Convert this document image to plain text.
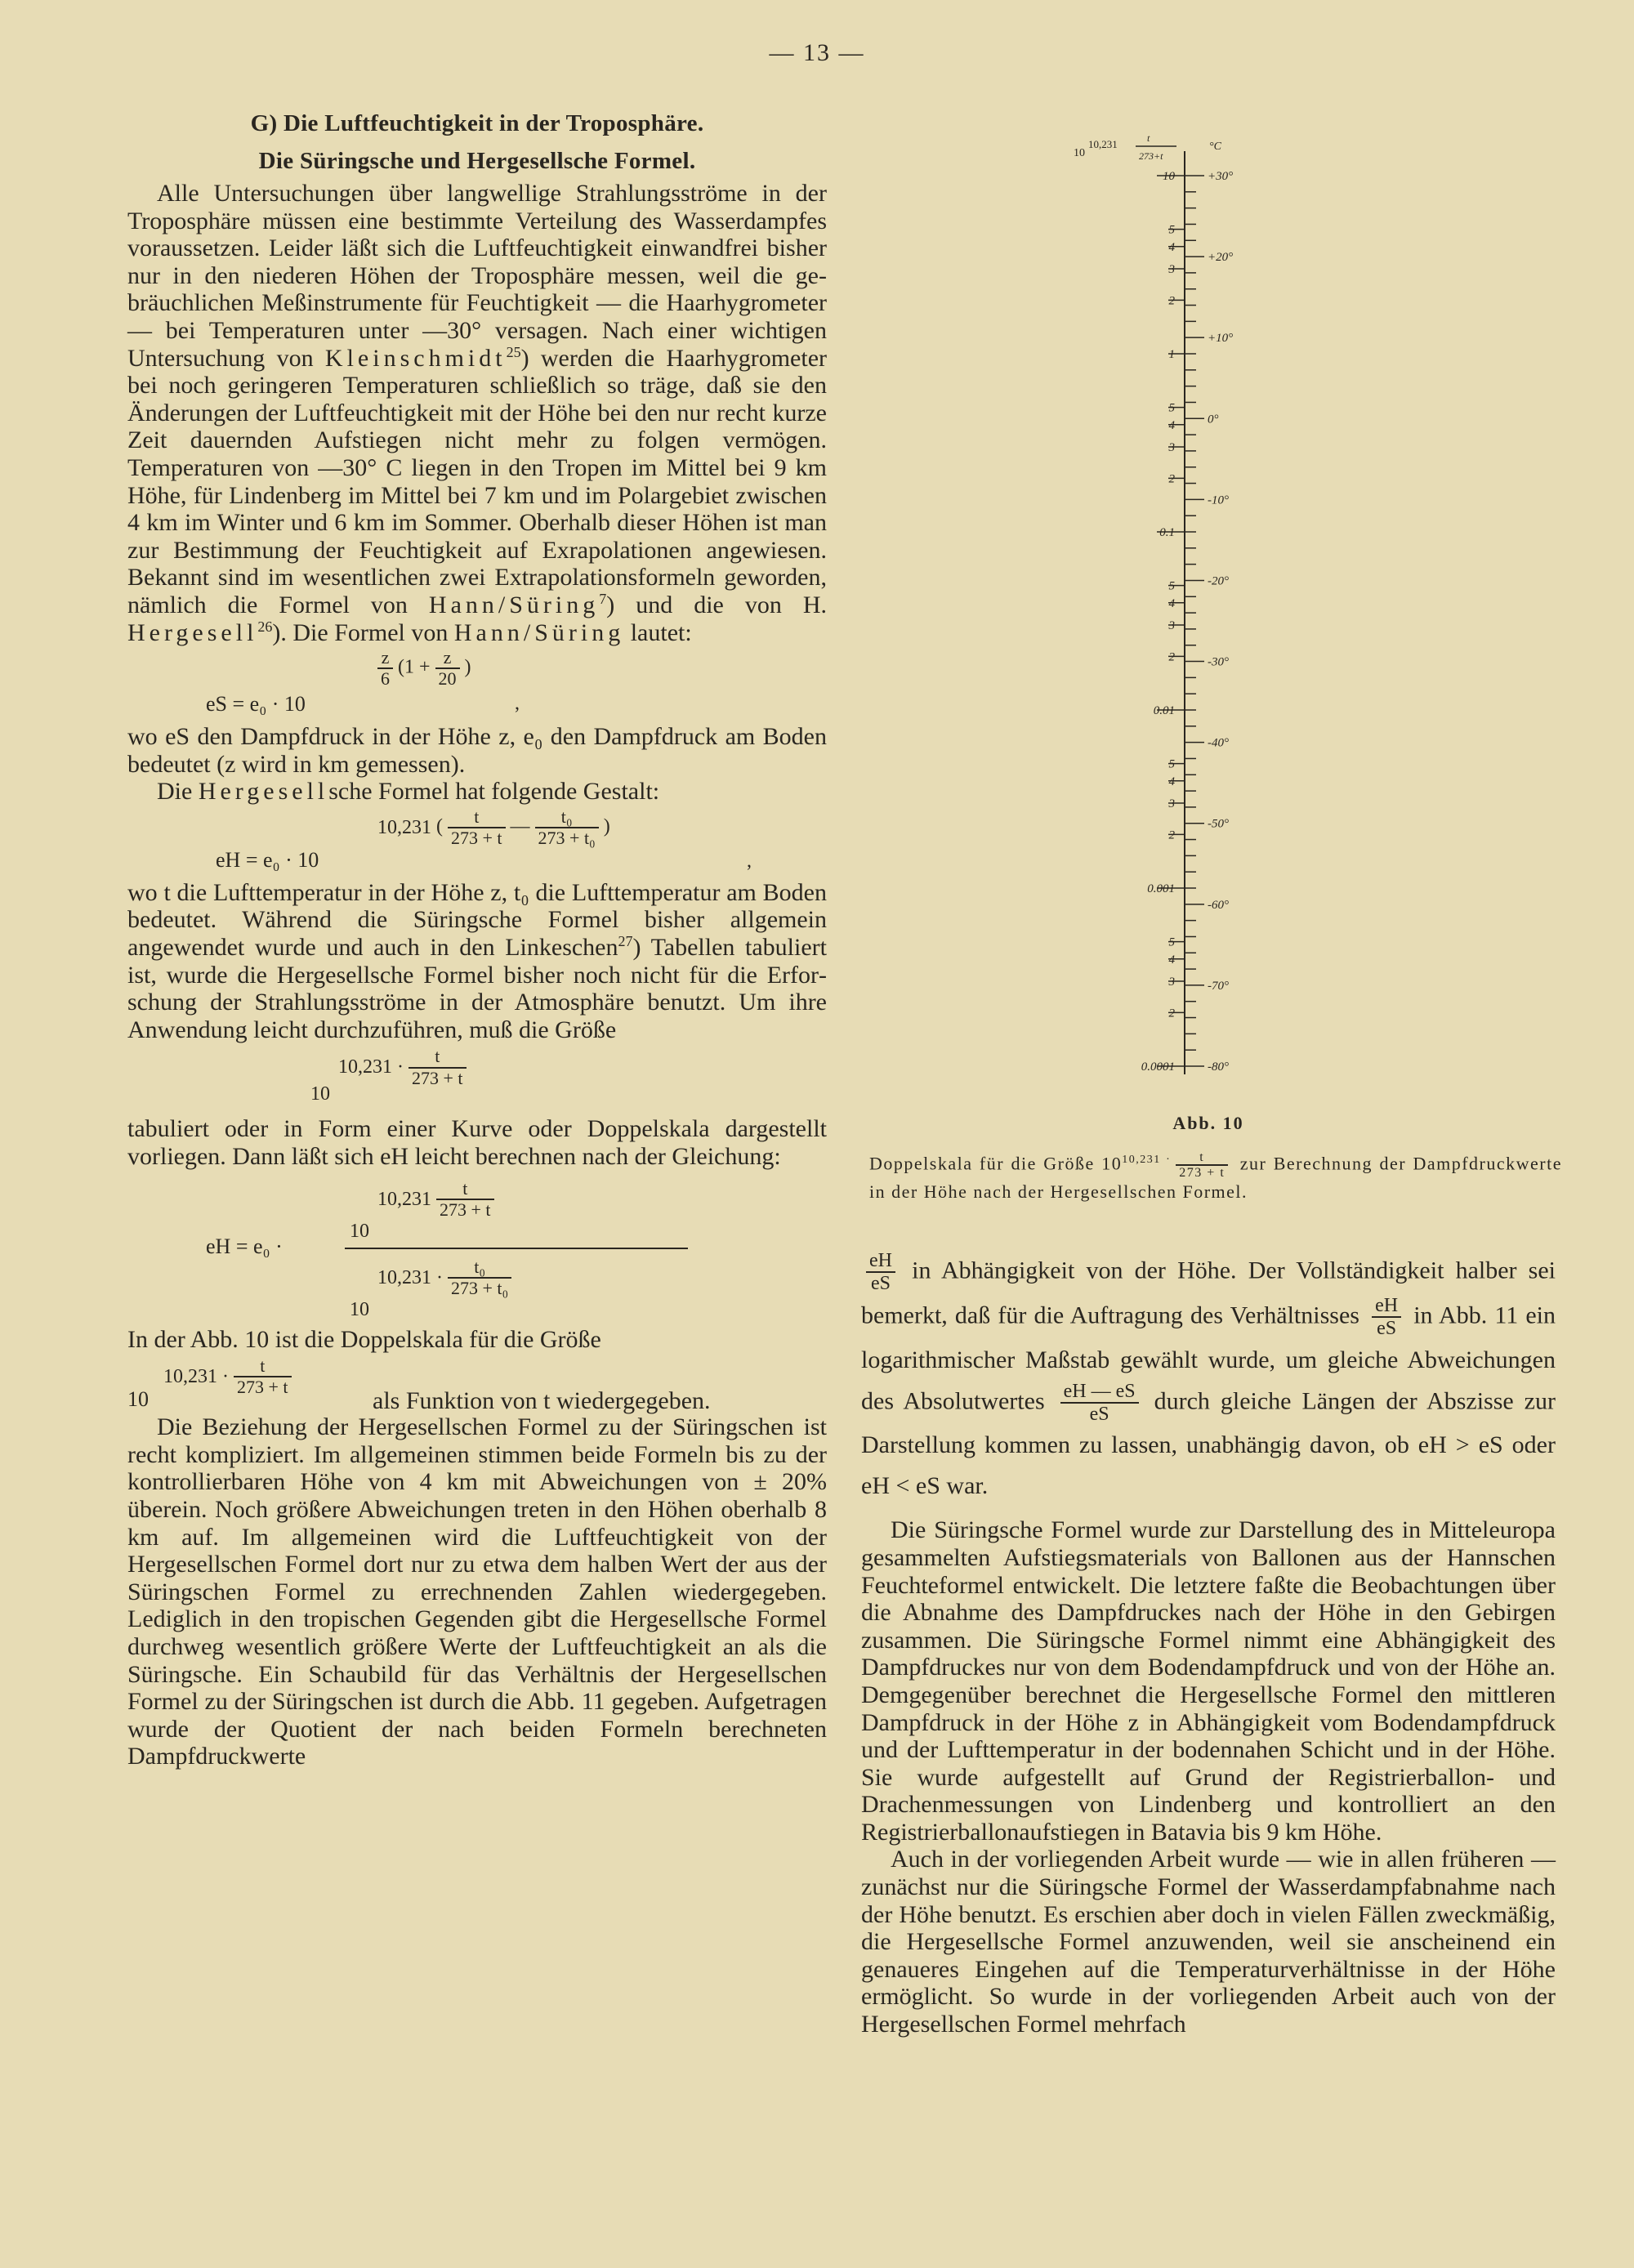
— 13 —
G) Die Luftfeuchtigkeit in der Troposphäre.
Die Süringsche und Hergesellsche Formel.

Alle Untersuchungen über langwellige Strahlungsströme in der Troposphäre müssen eine bestimmte Verteilung des Wasserdampfes voraussetzen. Leider läßt sich die Luftfeuchtigkeit einwandfrei bisher nur in den niederen Höhen der Troposphäre messen, weil die gebräuchlichen Meßinstrumente für Feuchtigkeit — die Haarhygrometer — bei Temperaturen unter —30° versagen. Nach einer wichtigen Untersuchung von Kleinschmidt$^{25}$) werden die Haarhygrometer bei noch geringeren Temperaturen schließlich so träge, daß sie den Änderungen der Luftfeuchtigkeit mit der Höhe bei den nur recht kurze Zeit dauernden Aufstiegen nicht mehr zu folgen vermögen. Temperaturen von —30° C liegen in den Tropen im Mittel bei 9 km Höhe, für Lindenberg im Mittel bei 7 km und im Polargebiet zwischen 4 km im Winter und 6 km im Sommer. Oberhalb dieser Höhen ist man zur Bestimmung der Feuchtigkeit auf Exrapolationen angewiesen. Bekannt sind im wesentlichen zwei Extrapolationsformeln geworden, nämlich die Formel von Hann/Süring$^7$) und die von H. Hergesell$^{26}$). Die Formel von Hann/Süring lautet:

eS = e₀ · 10
$\frac{z}{6} (1 + \frac{z}{20}$ )
,

wo eS den Dampfdruck in der Höhe z, e₀ den Dampfdruck am Boden bedeutet (z wird in km gemessen).

Die Hergesellsche Formel hat folgende Gestalt:

eH = e₀ · 10
10,231 ( $\frac{t}{273 + t}$ — $\frac{\text{t₀}}{\text{273 + t₀}}$ )
,

wo t die Lufttemperatur in der Höhe z, t₀ die Lufttemperatur am Boden bedeutet. Während die Süringsche Formel bisher allgemein angewendet wurde und auch in den Linkeschen$^{27}$) Tabellen tabuliert ist, wurde die Hergesellsche Formel bisher noch nicht für die Erforschung der Strahlungsströme in der Atmosphäre benutzt. Um ihre Anwendung leicht durchzuführen, muß die Größe

10
$10,231 \cdot \frac{t}{273 + t}$

tabuliert oder in Form einer Kurve oder Doppelskala dargestellt vorliegen. Dann läßt sich eH leicht berechnen nach der Gleichung:

eH = e₀ ·
$10,231 \frac{t}{273 + t}$
10
$10,231 \cdot \frac{\text{t₀}}{\text{273 + t₀}}$
10

In der Abb. 10 ist die Doppelskala für die Größe

10
$10,231 \cdot \frac{t}{273 + t}$
als Funktion von t wiedergegeben.

Die Beziehung der Hergesellschen Formel zu der Süringschen ist recht kompliziert. Im allgemeinen stimmen beide Formeln bis zu der kontrollierbaren Höhe von 4 km mit Abweichungen von ± 20% überein. Noch größere Abweichungen treten in den Höhen oberhalb 8 km auf. Im allgemeinen wird die Luftfeuchtigkeit von der Hergesellschen Formel dort nur zu etwa dem halben Wert der aus der Süringschen Formel zu errechnenden Zahlen wiedergegeben. Lediglich in den tropischen Gegenden gibt die Hergesellsche Formel durchweg wesentlich größere Werte der Luftfeuchtigkeit an als die Süringsche. Ein Schaubild für das Verhältnis der Hergesellschen Formel zu der Süringschen ist durch die Abb. 11 gegeben. Aufgetragen wurde der Quotient der nach beiden Formeln berechneten Dampfdruckwerte

10
10,231	t
273+t
°C
10
5
4
3
2
1
5
4
3
2
0.1
5
4
3
2
0.01
5
4
3
2
0.001
5
4
3
2
0.0001
+30°
+20°
+10°
0°
-10°
-20°
-30°
-40°
-50°
-60°
-70°
-80°
Abb. 10
Doppelskala für die Größe $10^{10,231 \cdot} \frac{t}{273 + t}$ zur Berechnung der Dampfdruckwerte in der Höhe nach der Hergesellschen Formel.

$\frac{eH}{eS}$ in Abhängigkeit von der Höhe. Der Vollständigkeit halber sei bemerkt, daß für die Auftragung des Verhältnisses $\frac{eH}{eS}$ in Abb. 11 ein logarithmischer Maßstab gewählt wurde, um gleiche Abweichungen des Absolutwertes $\frac{eH — eS}{eS}$ durch gleiche Längen der Abszisse zur Darstellung kommen zu lassen, unabhängig davon, ob eH > eS oder eH < eS war.

Die Süringsche Formel wurde zur Darstellung des in Mitteleuropa gesammelten Aufstiegsmaterials von Ballonen aus der Hannschen Feuchteformel entwickelt. Die letztere faßte die Beobachtungen über die Abnahme des Dampfdruckes nach der Höhe in den Gebirgen zusammen. Die Süringsche Formel nimmt eine Abhängigkeit des Dampfdruckes nur von dem Bodendampfdruck und von der Höhe an. Demgegenüber berechnet die Hergesellsche Formel den mittleren Dampfdruck in der Höhe z in Abhängigkeit vom Bodendampfdruck und der Lufttemperatur in der bodennahen Schicht und in der Höhe. Sie wurde aufgestellt auf Grund der Registrierballon- und Drachenmessungen von Lindenberg und kontrolliert an den Registrierballonaufstiegen in Batavia bis 9 km Höhe.

Auch in der vorliegenden Arbeit wurde — wie in allen früheren — zunächst nur die Süringsche Formel der Wasserdampfabnahme nach der Höhe benutzt. Es erschien aber doch in vielen Fällen zweckmäßig, die Hergesellsche Formel anzuwenden, weil sie anscheinend ein genaueres Eingehen auf die Temperaturverhältnisse in der Höhe ermöglicht. So wurde in der vorliegenden Arbeit auch von der Hergesellschen Formel mehrfach
